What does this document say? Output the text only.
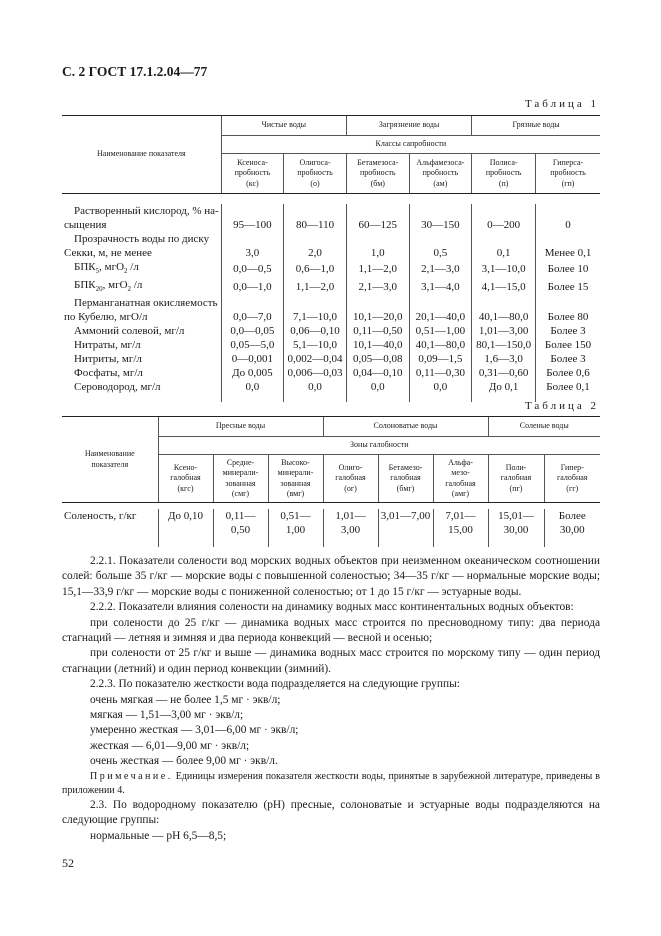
С. 2 ГОСТ 17.1.2.04—77
Таблица 1
Наименование показателя	Чистые воды		Загрязнение воды		Грязные воды	
	Классы сапробности					
	Ксеноса-
пробность
(кс)	Олигоса-
пробность
(о)	Бетамезоса-
пробность
(бм)	Альфамезоса-
пробность
(ам)	Полиса-
пробность
(п)	Гиперса-
пробность
(гп)

Растворенный кислород, % на-						
сыщения	95—100	80—110	60—125	30—150	0—200	0
Прозрачность воды по диску						
Секки, м, не менее	3,0	2,0	1,0	0,5	0,1	Менее 0,1
$БПК_5$, мгО$_2$ /л	0,0—0,5	0,6—1,0	1,1—2,0	2,1—3,0	3,1—10,0	Более 10
$БПК_{20}$, мгО$_2$ /л	0,0—1,0	1,1—2,0	2,1—3,0	3,1—4,0	4,1—15,0	Более 15
Перманганатная окисляемость						
по Кубелю, мгО/л	0,0—7,0	7,1—10,0	10,1—20,0	20,1—40,0	40,1—80,0	Более 80
Аммоний солевой, мг/л	0,0—0,05	0,06—0,10	0,11—0,50	0,51—1,00	1,01—3,00	Более 3
Нитраты, мг/л	0,05—5,0	5,1—10,0	10,1—40,0	40,1—80,0	80,1—150,0	Более 150
Нитриты, мг/л	0—0,001	0,002—0,04	0,05—0,08	0,09—1,5	1,6—3,0	Более 3
Фосфаты, мг/л	До 0,005	0,006—0,03	0,04—0,10	0,11—0,30	0,31—0,60	Более 0,6
Сероводород, мг/л	0,0	0,0	0,0	0,0	До 0,1	Более 0,1

Таблица 2
Наименование
показателя	Пресные воды			Солоноватые воды			Соленые воды	
	Зоны галобности							
	Ксено-
галобная
(кгс)	Среднe-
минерали-
зованная
(смг)	Высоко-
минерали-
зованная
(вмг)	Олиго-
галобная
(ог)	Бетамезо-
галобная
(бмг)	Альфа-
мезо-
галобная
(амг)	Поли-
галобная
(пг)	Гипер-
галобная
(гг)

Соленость, г/кг	До 0,10	0,11—	0,51—	1,01—	3,01—7,00	7,01—	15,01—	Более
		0,50	1,00	3,00		15,00	30,00	30,00

2.2.1. Показатели солености вод морских водных объектов при неизменном океаническом соотношении солей: больше 35 г/кг — морские воды с повышенной соленостью; 34—35 г/кг — нормальные морские воды; 15,1—33,9 г/кг — морские воды с пониженной соленостью; от 1 до 15 г/кг — эстуарные воды.

2.2.2. Показатели влияния солености на динамику водных масс континентальных водных объектов:

при солености до 25 г/кг — динамика водных масс строится по пресноводному типу: два периода стагнаций — летняя и зимняя и два периода конвекций — весной и осенью;

при солености от 25 г/кг и выше — динамика водных масс строится по морскому типу — один период стагнации (летний) и один период конвекции (зимний).

2.2.3. По показателю жесткости вода подразделяется на следующие группы:

очень мягкая — не более 1,5 мг · экв/л;

мягкая — 1,51—3,00 мг · экв/л;

умеренно жесткая — 3,01—6,00 мг · экв/л;

жесткая — 6,01—9,00 мг · экв/л;

очень жесткая — более 9,00 мг · экв/л.

Примечание. Единицы измерения показателя жесткости воды, принятые в зарубежной литературе, приведены в приложении 4.

2.3. По водородному показателю (pH) пресные, солоноватые и эстуарные воды подразделяются на следующие группы:

нормальные — pH 6,5—8,5;

52
